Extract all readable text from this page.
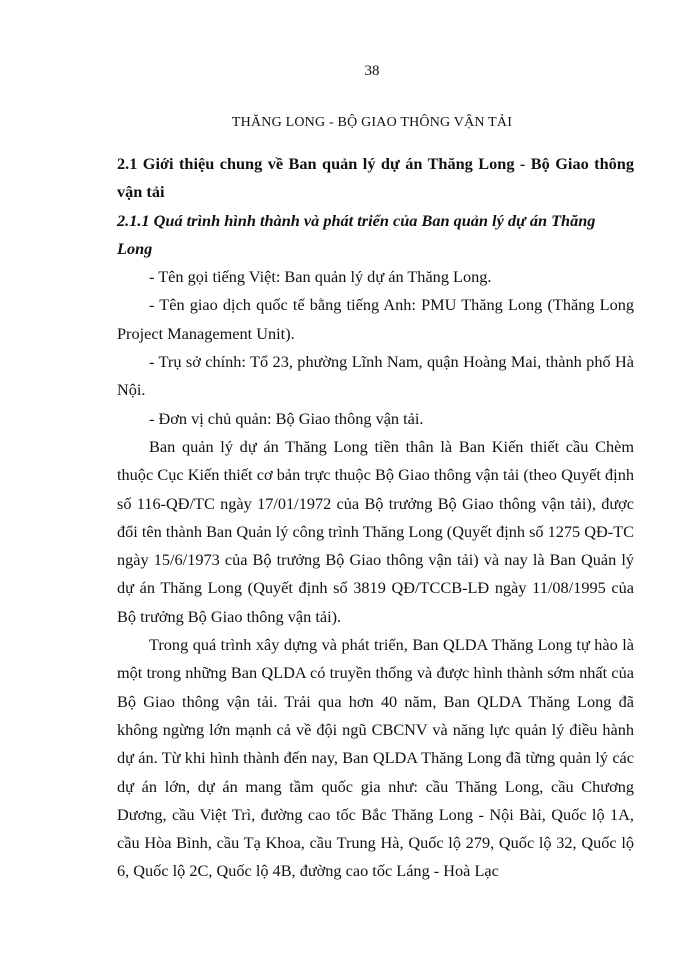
38
THĂNG LONG - BỘ GIAO THÔNG VẬN TẢI

2.1 Giới thiệu chung về Ban quản lý dự án Thăng Long - Bộ Giao thông vận tải

2.1.1 Quá trình hình thành và phát triển của Ban quản lý dự án Thăng Long

- Tên gọi tiếng Việt: Ban quản lý dự án Thăng Long.

- Tên giao dịch quốc tế bằng tiếng Anh: PMU Thăng Long (Thăng Long Project Management Unit).

- Trụ sở chính: Tổ 23, phường Lĩnh Nam, quận Hoàng Mai, thành phố Hà Nội.

- Đơn vị chủ quản: Bộ Giao thông vận tải.

Ban quản lý dự án Thăng Long tiền thân là Ban Kiến thiết cầu Chèm thuộc Cục Kiến thiết cơ bản trực thuộc Bộ Giao thông vận tải (theo Quyết định số 116-QĐ/TC ngày 17/01/1972 của Bộ trưởng Bộ Giao thông vận tải), được đổi tên thành Ban Quản lý công trình Thăng Long (Quyết định số 1275 QĐ-TC ngày 15/6/1973 của Bộ trưởng Bộ Giao thông vận tải) và nay là Ban Quản lý dự án Thăng Long (Quyết định số 3819 QĐ/TCCB-LĐ ngày 11/08/1995 của Bộ trưởng Bộ Giao thông vận tải).

Trong quá trình xây dựng và phát triển, Ban QLDA Thăng Long tự hào là một trong những Ban QLDA có truyền thống và được hình thành sớm nhất của Bộ Giao thông vận tải. Trải qua hơn 40 năm, Ban QLDA Thăng Long đã không ngừng lớn mạnh cả về đội ngũ CBCNV và năng lực quản lý điều hành dự án. Từ khi hình thành đến nay, Ban QLDA Thăng Long đã từng quản lý các dự án lớn, dự án mang tầm quốc gia như: cầu Thăng Long, cầu Chương Dương, cầu Việt Trì, đường cao tốc Bắc Thăng Long - Nội Bài, Quốc lộ 1A, cầu Hòa Bình, cầu Tạ Khoa, cầu Trung Hà, Quốc lộ 279, Quốc lộ 32, Quốc lộ 6, Quốc lộ 2C, Quốc lộ 4B, đường cao tốc Láng - Hoà Lạc
